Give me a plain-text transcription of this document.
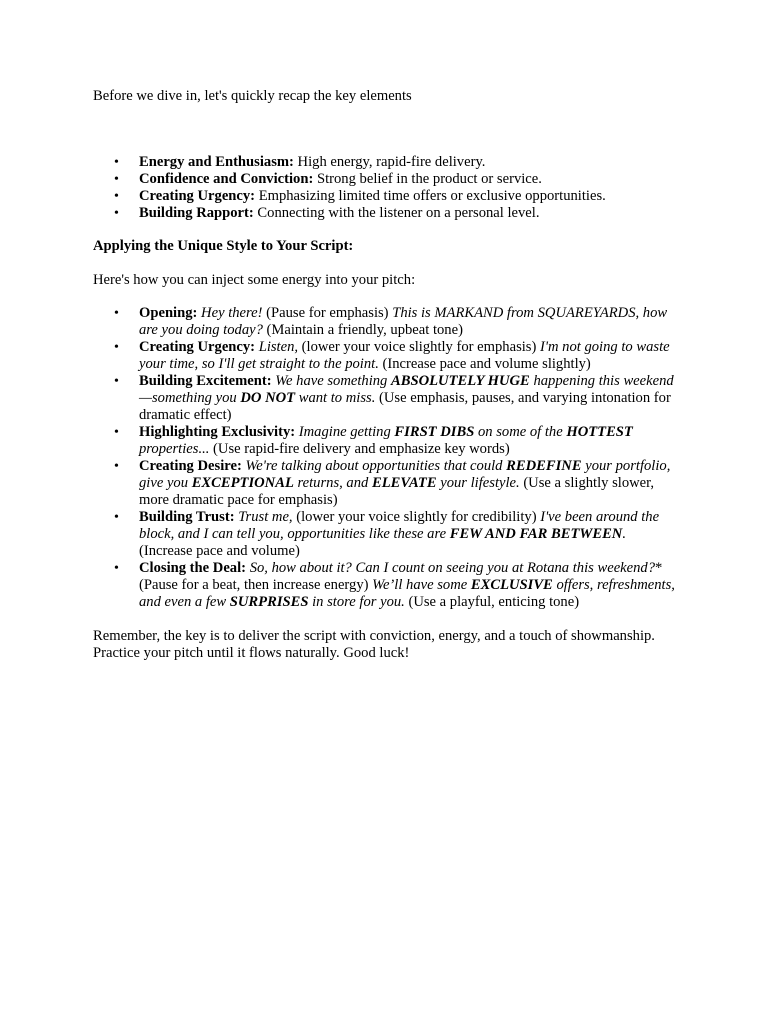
Before we dive in, let's quickly recap the key elements

• Energy and Enthusiasm: High energy, rapid-fire delivery.
• Confidence and Conviction: Strong belief in the product or service.
• Creating Urgency: Emphasizing limited time offers or exclusive opportunities.
• Building Rapport: Connecting with the listener on a personal level.

Applying the Unique Style to Your Script:

Here's how you can inject some energy into your pitch:

• Opening: Hey there! (Pause for emphasis) This is MARKAND from SQUAREYARDS, how are you doing today? (Maintain a friendly, upbeat tone)
• Creating Urgency: Listen, (lower your voice slightly for emphasis) I'm not going to waste your time, so I'll get straight to the point. (Increase pace and volume slightly)
• Building Excitement: We have something ABSOLUTELY HUGE happening this weekend—something you DO NOT want to miss. (Use emphasis, pauses, and varying intonation for dramatic effect)
• Highlighting Exclusivity: Imagine getting FIRST DIBS on some of the HOTTEST properties... (Use rapid-fire delivery and emphasize key words)
• Creating Desire: We're talking about opportunities that could REDEFINE your portfolio, give you EXCEPTIONAL returns, and ELEVATE your lifestyle. (Use a slightly slower, more dramatic pace for emphasis)
• Building Trust: Trust me, (lower your voice slightly for credibility) I've been around the block, and I can tell you, opportunities like these are FEW AND FAR BETWEEN. (Increase pace and volume)
• Closing the Deal: So, how about it? Can I count on seeing you at Rotana this weekend?* (Pause for a beat, then increase energy) We’ll have some EXCLUSIVE offers, refreshments, and even a few SURPRISES in store for you. (Use a playful, enticing tone)

Remember, the key is to deliver the script with conviction, energy, and a touch of showmanship. Practice your pitch until it flows naturally. Good luck!
